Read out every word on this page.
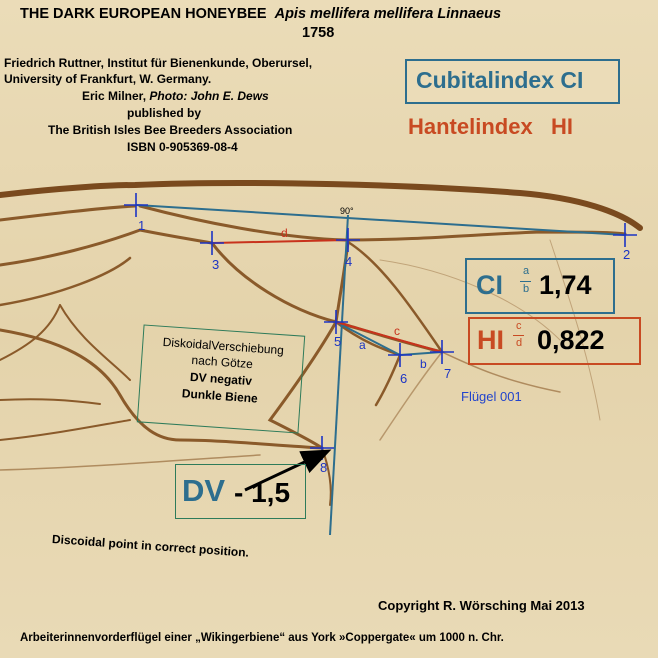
THE DARK EUROPEAN HONEYBEE Apis mellifera mellifera Linnaeus
1758
Friedrich Ruttner, Institut für Bienenkunde, Oberursel,
University of Frankfurt, W. Germany.
Eric Milner, Photo: John E. Dews
published by
The British Isles Bee Breeders Association
ISBN 0-905369-08-4
Cubitalindex CI
Hantelindex   HI
1
2
3	4
5
6	7
8
a
b
c
d
90°
CI a
b 1,74
HI c
d 0,822
Flügel 001
DiskoidalVerschiebung
nach Götze
DV negativ
Dunkle Biene
DV - 1,5
Discoidal point in correct position.
Copyright R. Wörsching Mai 2013
Arbeiterinnenvorderflügel einer „Wikingerbiene“ aus York »Coppergate« um 1000 n. Chr.
